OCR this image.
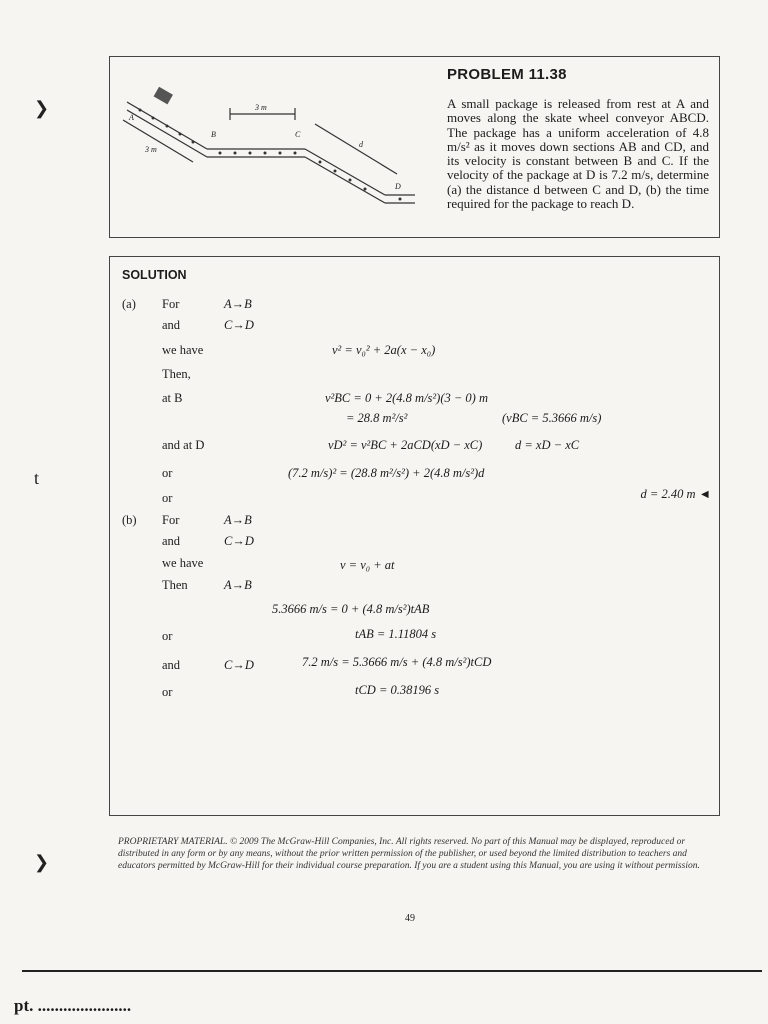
❯
t
❯
A
B	C
D
3 m
3 m
d
PROBLEM 11.38
A small package is released from rest at A and moves along the skate wheel conveyor ABCD. The package has a uniform acceleration of 4.8 m/s² as it moves down sections AB and CD, and its velocity is constant between B and C. If the velocity of the package at D is 7.2 m/s, determine (a) the distance d between C and D, (b) the time required for the package to reach D.
SOLUTION
(a) For	A→B
and	C→D
we have	v² = v₀² + 2a(x − x₀)
Then,
at B	v²BC = 0 + 2(4.8 m/s²)(3 − 0) m
= 28.8 m²/s²	(vBC = 5.3666 m/s)
and at D	vD² = v²BC + 2aCD(xD − xC)	d = xD − xC
or	(7.2 m/s)² = (28.8 m²/s²) + 2(4.8 m/s²)d
or	d = 2.40 m ◄
(b) For	A→B
and	C→D
we have	v = v₀ + at
Then	A→B
5.3666 m/s = 0 + (4.8 m/s²)tAB
or	tAB = 1.11804 s
and	C→D	7.2 m/s = 5.3666 m/s + (4.8 m/s²)tCD
or	tCD = 0.38196 s
PROPRIETARY MATERIAL. © 2009 The McGraw-Hill Companies, Inc. All rights reserved. No part of this Manual may be displayed, reproduced or distributed in any form or by any means, without the prior written permission of the publisher, or used beyond the limited distribution to teachers and educators permitted by McGraw-Hill for their individual course preparation. If you are a student using this Manual, you are using it without permission.
49
pt. ......................
